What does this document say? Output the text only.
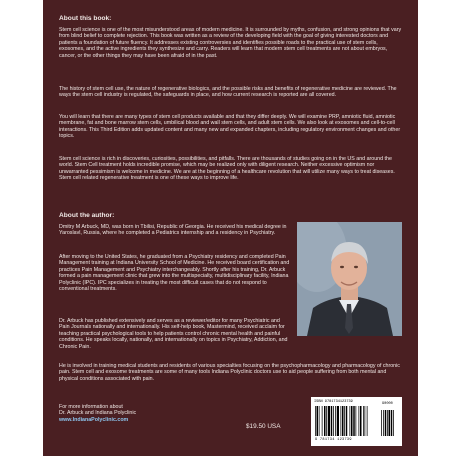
About this book:

Stem cell science is one of the most misunderstood areas of modern medicine. It is surrounded by myths, confusion, and strong opinions that vary from blind belief to complete rejection. This book was written as a review of the developing field with the goal of giving interested doctors and patients a foundation of future fluency. It addresses existing controversies and identifies possible roads to the practical use of stem cells, exosomes, and the active ingredients they synthesize and carry. Readers will learn that modern stem cell treatments are not about embryos, cancer, or the other things they may have been afraid of in the past.

The history of stem cell use, the nature of regenerative biologics, and the possible risks and benefits of regenerative medicine are reviewed. The ways the stem cell industry is regulated, the safeguards in place, and how current research is reported are all covered.

You will learn that there are many types of stem cell products available and that they differ deeply. We will examine PRP, amniotic fluid, amniotic membrane, fat and bone marrow stem cells, umbilical blood and wall stem cells, and adult stem cells. We also look at exosomes and cell-to-cell interactions. This Third Edition adds updated content and many new and expanded chapters, including regulatory environment changes and other topics.

Stem cell science is rich in discoveries, curiosities, possibilities, and pitfalls. There are thousands of studies going on in the US and around the world. Stem Cell treatment holds incredible promise, which may be realized only with diligent research. Neither excessive optimism nor unwarranted pessimism is welcome in medicine. We are at the beginning of a healthcare revolution that will utilize many ways to treat diseases. Stem cell related regenerative treatment is one of these ways to improve life.

About the author:

Dmitry M Arbuck, MD, was born in Tbilisi, Republic of Georgia. He received his medical degree in Yaroslavl, Russia, where he completed a Pediatrics internship and a residency in Psychiatry.

After moving to the United States, he graduated from a Psychiatry residency and completed Pain Management training at Indiana University School of Medicine. He received board certification and practices Pain Management and Psychiatry interchangeably. Shortly after his training, Dr. Arbuck formed a pain management clinic that grew into the multispecialty, multidisciplinary facility, Indiana Polyclinic (IPC). IPC specializes in treating the most difficult cases that do not respond to conventional treatments.

Dr. Arbuck has published extensively and serves as a reviewer/editor for many Psychiatric and Pain Journals nationally and internationally. His self-help book, Mastermind, received acclaim for teaching practical psychological tools to help patients control chronic mental health and painful conditions. He speaks locally, nationally, and internationally on topics in Psychiatry, Addiction, and Chronic Pain.

He is involved in training medical students and residents of various specialties focusing on the psychopharmacology and pharmacology of chronic pain. Stem cell and exosome treatments are some of many tools Indiana Polyclinic doctors use to aid people suffering from both mental and physical conditions associated with pain.

For more information about
Dr. Arbuck and Indiana Polyclinic
www.IndianaPolyclinic.com
$19.50 USA
ISBN 9781734123739	90000
9 781734 123739
